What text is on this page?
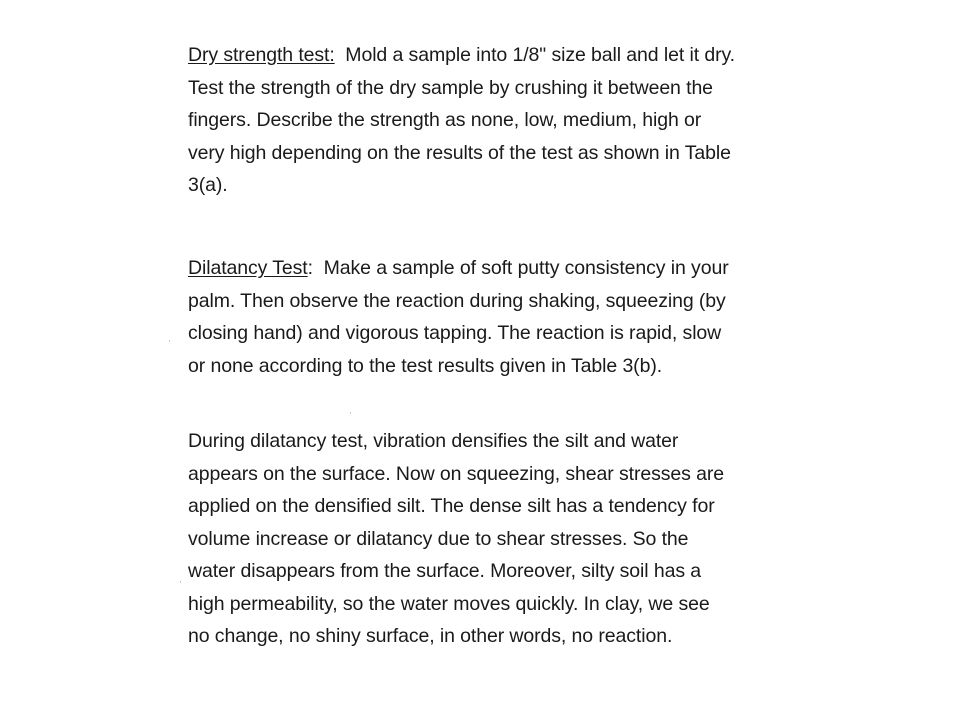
Dry strength test:  Mold a sample into 1/8" size ball and let it dry.
Test the strength of the dry sample by crushing it between the
fingers. Describe the strength as none, low, medium, high or
very high depending on the results of the test as shown in Table
3(a).
Dilatancy Test:  Make a sample of soft putty consistency in your
palm. Then observe the reaction during shaking, squeezing (by
closing hand) and vigorous tapping. The reaction is rapid, slow
or none according to the test results given in Table 3(b).
During dilatancy test, vibration densifies the silt and water
appears on the surface. Now on squeezing, shear stresses are
applied on the densified silt. The dense silt has a tendency for
volume increase or dilatancy due to shear stresses. So the
water disappears from the surface. Moreover, silty soil has a
high permeability, so the water moves quickly. In clay, we see
no change, no shiny surface, in other words, no reaction.
